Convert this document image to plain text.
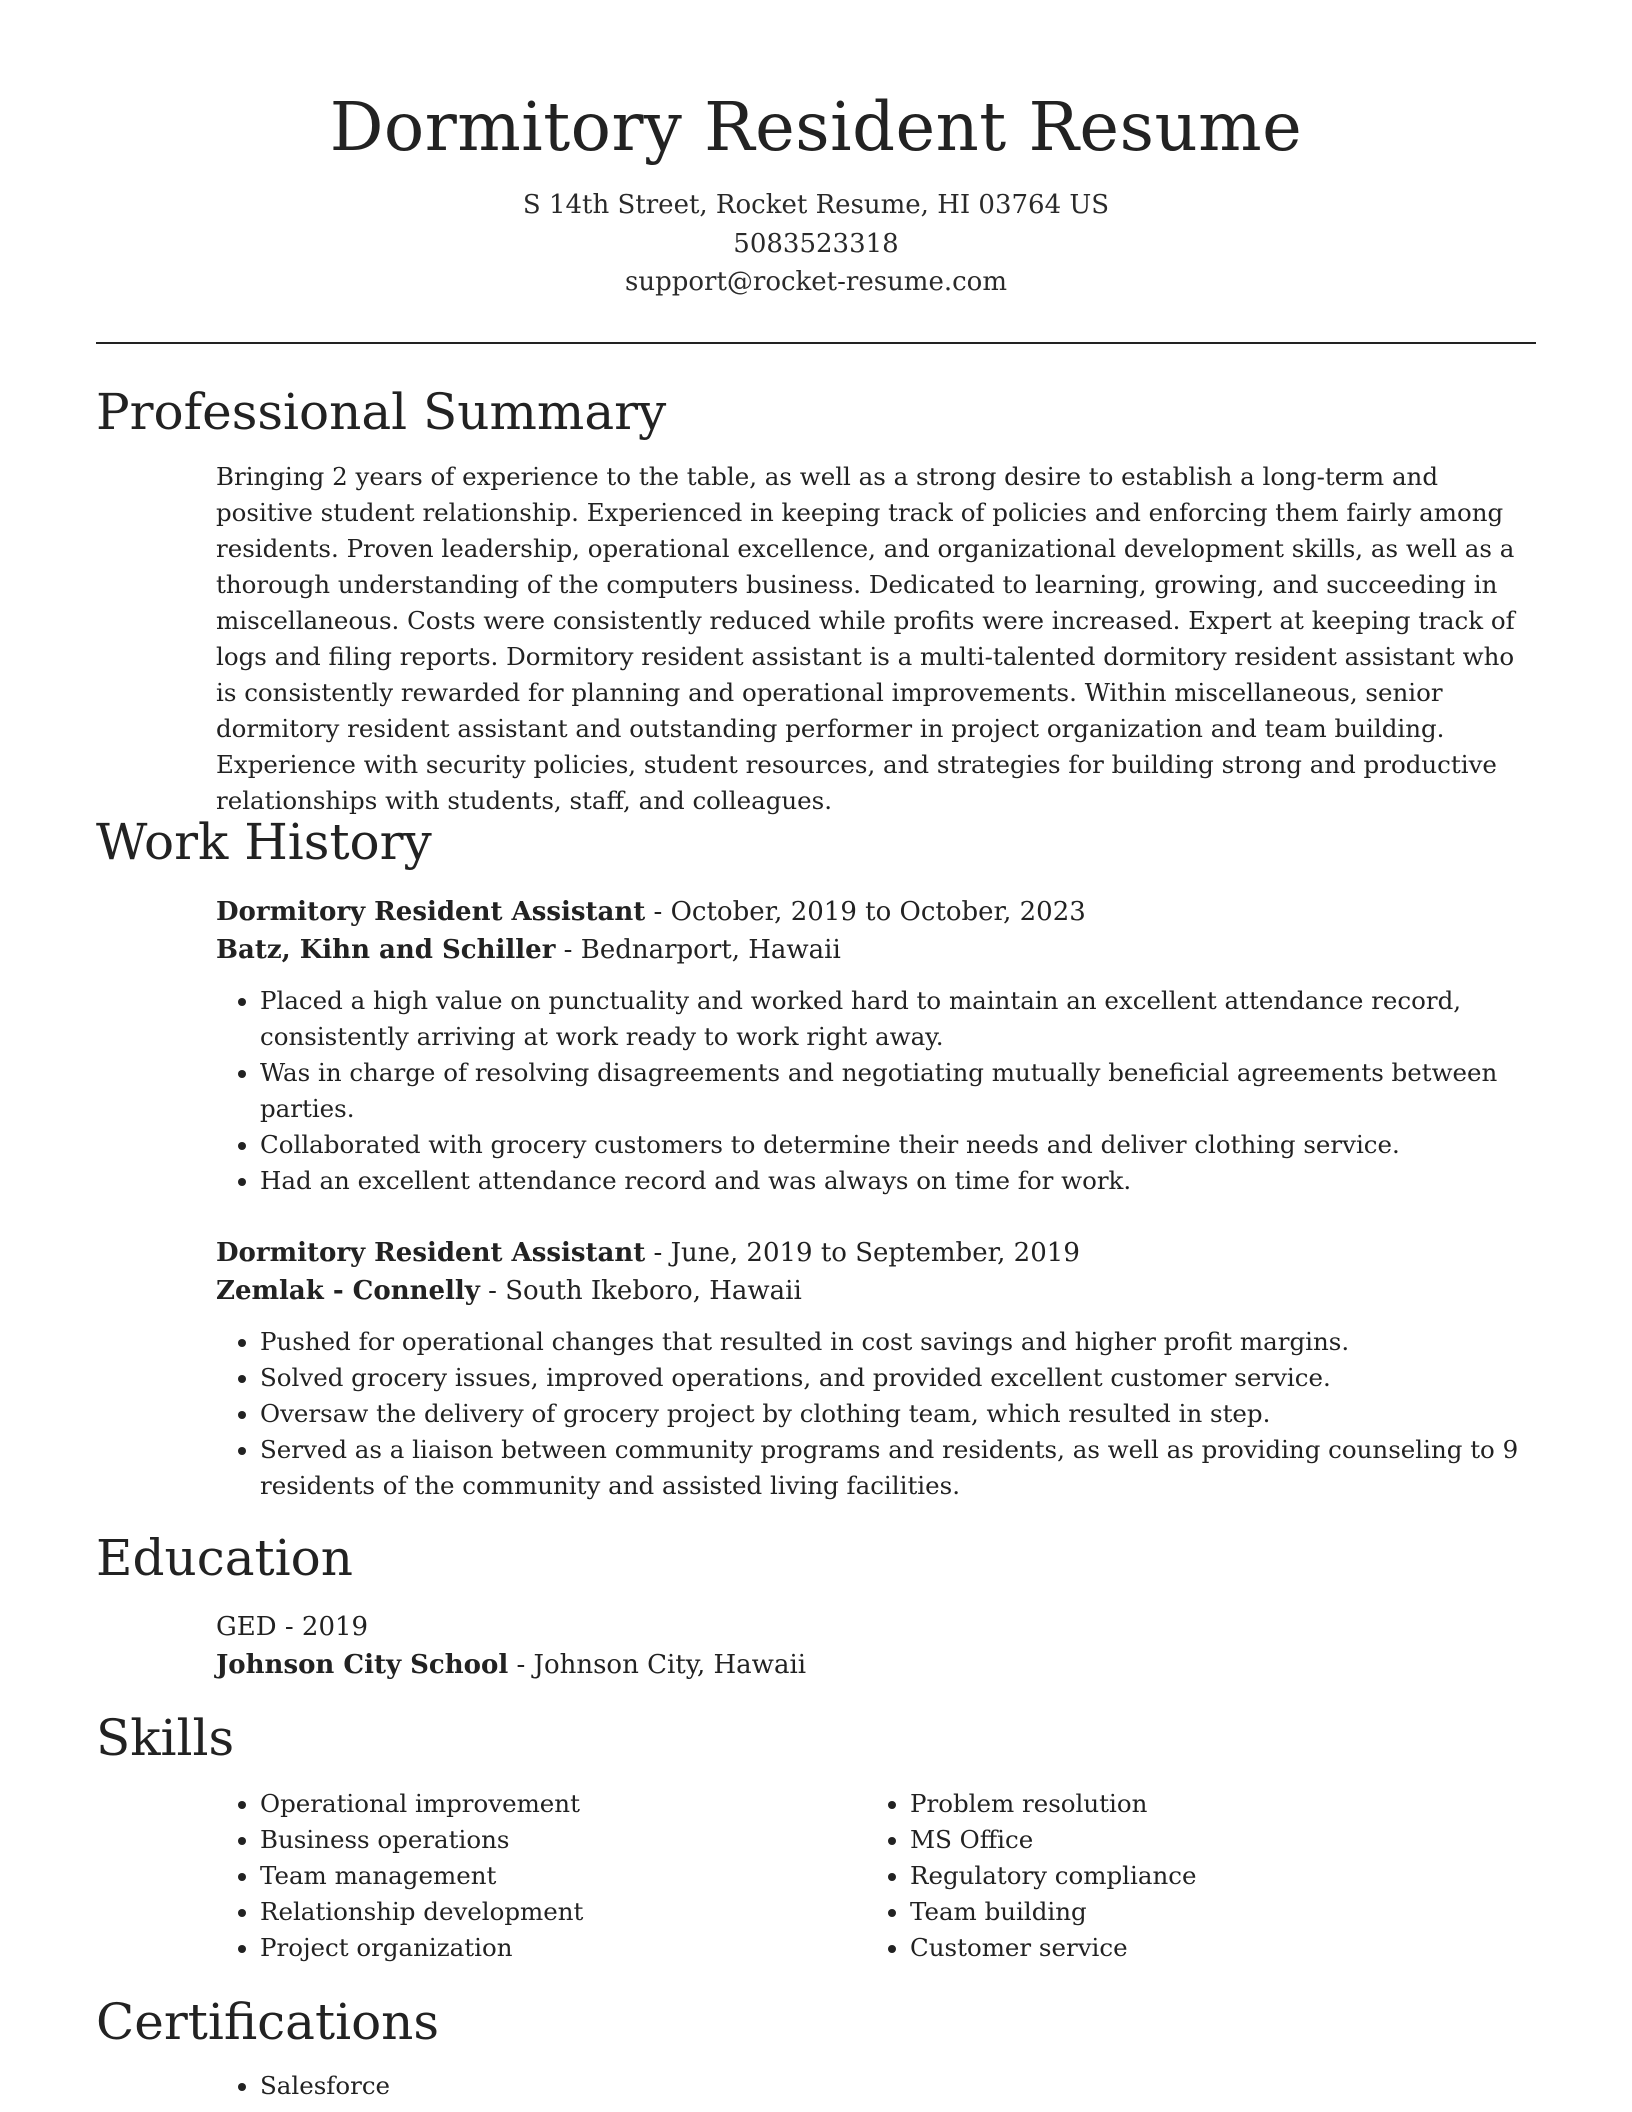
Dormitory Resident Resume
S 14th Street, Rocket Resume, HI 03764 US
5083523318
support@rocket-resume.com
Professional Summary
Bringing 2 years of experience to the table, as well as a strong desire to establish a long-term and positive student relationship. Experienced in keeping track of policies and enforcing them fairly among residents. Proven leadership, operational excellence, and organizational development skills, as well as a thorough understanding of the computers business. Dedicated to learning, growing, and succeeding in miscellaneous. Costs were consistently reduced while profits were increased. Expert at keeping track of logs and filing reports. Dormitory resident assistant is a multi-talented dormitory resident assistant who is consistently rewarded for planning and operational improvements. Within miscellaneous, senior dormitory resident assistant and outstanding performer in project organization and team building. Experience with security policies, student resources, and strategies for building strong and productive relationships with students, staff, and colleagues.
Work History
Dormitory Resident Assistant - October, 2019 to October, 2023
Batz, Kihn and Schiller - Bednarport, Hawaii
• Placed a high value on punctuality and worked hard to maintain an excellent attendance record, consistently arriving at work ready to work right away.
• Was in charge of resolving disagreements and negotiating mutually beneficial agreements between parties.
• Collaborated with grocery customers to determine their needs and deliver clothing service.
• Had an excellent attendance record and was always on time for work.
Dormitory Resident Assistant - June, 2019 to September, 2019
Zemlak - Connelly - South Ikeboro, Hawaii
• Pushed for operational changes that resulted in cost savings and higher profit margins.
• Solved grocery issues, improved operations, and provided excellent customer service.
• Oversaw the delivery of grocery project by clothing team, which resulted in step.
• Served as a liaison between community programs and residents, as well as providing counseling to 9 residents of the community and assisted living facilities.
Education
GED - 2019
Johnson City School - Johnson City, Hawaii
Skills
• Operational improvement
• Business operations
• Team management
• Relationship development
• Project organization
• Problem resolution
• MS Office
• Regulatory compliance
• Team building
• Customer service
Certifications
• Salesforce
